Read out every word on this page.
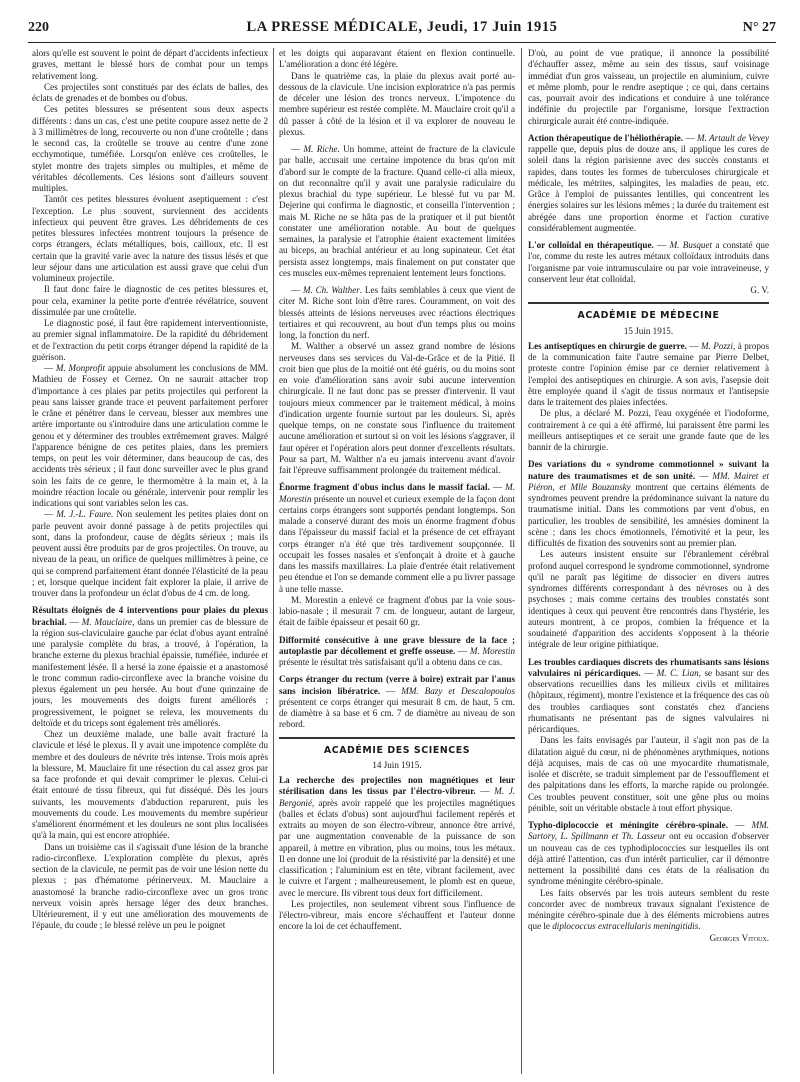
220	LA PRESSE MÉDICALE, Jeudi, 17 Juin 1915	N° 27

alors qu'elle est souvent le point de départ d'accidents infectieux graves, mettant le blessé hors de combat pour un temps relativement long.

Ces projectiles sont constitués par des éclats de balles, des éclats de grenades et de bombes ou d'obus.

Ces petites blessures se présentent sous deux aspects différents : dans un cas, c'est une petite coupure assez nette de 2 à 3 millimètres de long, recouverte ou non d'une croûtelle ; dans le second cas, la croûtelle se trouve au centre d'une zone ecchymotique, tuméfiée. Lorsqu'on enlève ces croûtelles, le stylet montre des trajets simples ou multiples, et même de véritables décollements. Ces lésions sont d'ailleurs souvent multiples.

Tantôt ces petites blessures évoluent aseptiquement : c'est l'exception. Le plus souvent, surviennent des accidents infectieux qui peuvent être graves. Les débridements de ces petites blessures infectées montrent toujours la présence de corps étrangers, éclats métalliques, bois, cailloux, etc. Il est certain que la gravité varie avec la nature des tissus lésés et que leur séjour dans une articulation est aussi grave que celui d'un volumineux projectile.

Il faut donc faire le diagnostic de ces petites blessures et, pour cela, examiner la petite porte d'entrée révélatrice, souvent dissimulée par une croûtelle.

Le diagnostic posé, il faut être rapidement interventionniste, au premier signal inflammatoire. De la rapidité du débridement et de l'extraction du petit corps étranger dépend la rapidité de la guérison.

— M. Monprofit appuie absolument les conclusions de MM. Mathieu de Fossey et Cernez. On ne saurait attacher trop d'importance à ces plaies par petits projectiles qui perforent la peau sans laisser grande trace et peuvent parfaitement perforer le crâne et pénétrer dans le cerveau, blesser aux membres une artère importante ou s'introduire dans une articulation comme le genou et y déterminer des troubles extrêmement graves. Malgré l'apparence bénigne de ces petites plaies, dans les premiers temps, on peut les voir déterminer, dans beaucoup de cas, des accidents très sérieux ; il faut donc surveiller avec le plus grand soin les faits de ce genre, le thermomètre à la main et, à la moindre réaction locale ou générale, intervenir pour remplir les indications qui sont variables selon les cas.

— M. J.-L. Faure. Non seulement les petites plaies dont on parle peuvent avoir donné passage à de petits projectiles qui sont, dans la profondeur, cause de dégâts sérieux ; mais ils peuvent aussi être produits par de gros projectiles. On trouve, au niveau de la peau, un orifice de quelques millimètres à peine, ce qui se comprend parfaitement étant donnée l'élasticité de la peau ; et, lorsque quelque incident fait explorer la plaie, il arrive de trouver dans la profondeur un éclat d'obus de 4 cm. de long.

Résultats éloignés de 4 interventions pour plaies du plexus brachial. — M. Mauclaire, dans un premier cas de blessure de la région sus-claviculaire gauche par éclat d'obus ayant entraîné une paralysie complète du bras, a trouvé, à l'opération, la branche externe du plexus brachial épaissie, tuméfiée, indurée et manifestement lésée. Il a hersé la zone épaissie et a anastomosé le tronc commun radio-circonflexe avec la branche voisine du plexus également un peu hersée. Au bout d'une quinzaine de jours, les mouvements des doigts furent améliorés ; progressivement, le poignet se releva, les mouvements du deltoïde et du triceps sont également très améliorés.

Chez un deuxième malade, une balle avait fracturé la clavicule et lésé le plexus. Il y avait une impotence complète du membre et des douleurs de névrite très intense. Trois mois après la blessure, M. Mauclaire fit une résection du cal assez gros par sa face profonde et qui devait comprimer le plexus. Celui-ci était entouré de tissu fibreux, qui fut disséqué. Dès les jours suivants, les mouvements d'abduction reparurent, puis les mouvements du coude. Les mouvements du membre supérieur s'améliorent énormément et les douleurs ne sont plus localisées qu'à la main, qui est encore atrophiée.

Dans un troisième cas il s'agissait d'une lésion de la branche radio-circonflexe. L'exploration complète du plexus, après section de la clavicule, ne permit pas de voir une lésion nette du plexus ; pas d'hématome périnerveux. M. Mauclaire a anastomosé la branche radio-circonflexe avec un gros tronc nerveux voisin après hersage léger des deux branches. Ultérieurement, il y eut une amélioration des mouvements de l'épaule, du coude ; le blessé relève un peu le poignet

et les doigts qui auparavant étaient en flexion continuelle. L'amélioration a donc été légère.

Dans le quatrième cas, la plaie du plexus avait porté au-dessous de la clavicule. Une incision exploratrice n'a pas permis de déceler une lésion des troncs nerveux. L'impotence du membre supérieur est restée complète. M. Mauclaire croit qu'il a dû passer à côté de la lésion et il va explorer de nouveau le plexus.

— M. Riche. Un homme, atteint de fracture de la clavicule par balle, accusait une certaine impotence du bras qu'on mit d'abord sur le compte de la fracture. Quand celle-ci alla mieux, on dut reconnaître qu'il y avait une paralysie radiculaire du plexus brachial du type supérieur. Le blessé fut vu par M. Dejerine qui confirma le diagnostic, et conseilla l'intervention ; mais M. Riche ne se hâta pas de la pratiquer et il put bientôt constater une amélioration notable. Au bout de quelques semaines, la paralysie et l'atrophie étaient exactement limitées au biceps, au brachial antérieur et au long supinateur. Cet état persista assez longtemps, mais finalement on put constater que ces muscles eux-mêmes reprenaient lentement leurs fonctions.

— M. Ch. Walther. Les faits semblables à ceux que vient de citer M. Riche sont loin d'être rares. Couramment, on voit des blessés atteints de lésions nerveuses avec réactions électriques tertiaires et qui recouvrent, au bout d'un temps plus ou moins long, la fonction du nerf.

M. Walther a observé un assez grand nombre de lésions nerveuses dans ses services du Val-de-Grâce et de la Pitié. Il croit bien que plus de la moitié ont été guéris, ou du moins sont en voie d'amélioration sans avoir subi aucune intervention chirurgicale. Il ne faut donc pas se presser d'intervenir. Il vaut toujours mieux commencer par le traitement médical, à moins d'indication urgente fournie surtout par les douleurs. Si, après quelque temps, on ne constate sous l'influence du traitement aucune amélioration et surtout si on voit les lésions s'aggraver, il faut opérer et l'opération alors peut donner d'excellents résultats. Pour sa part, M. Walther n'a eu jamais intervenu avant d'avoir fait l'épreuve suffisamment prolongée du traitement médical.

Énorme fragment d'obus inclus dans le massif facial. — M. Morestin présente un nouvel et curieux exemple de la façon dont certains corps étrangers sont supportés pendant longtemps. Son malade a conservé durant des mois un énorme fragment d'obus dans l'épaisseur du massif facial et la présence de cet effrayant corps étranger n'a été que très tardivement soupçonnée. Il occupait les fosses nasales et s'enfonçait à droite et à gauche dans les massifs maxillaires. La plaie d'entrée était relativement peu étendue et l'on se demande comment elle a pu livrer passage à une telle masse.

M. Morestin a enlevé ce fragment d'obus par la voie sous-labio-nasale ; il mesurait 7 cm. de longueur, autant de largeur, était de faible épaisseur et pesait 60 gr.

Difformité consécutive à une grave blessure de la face ; autoplastie par décollement et greffe osseuse. — M. Morestin présente le résultat très satisfaisant qu'il a obtenu dans ce cas.

Corps étranger du rectum (verre à boire) extrait par l'anus sans incision libératrice. — MM. Bazy et Descalopoulos présentent ce corps étranger qui mesurait 8 cm. de haut, 5 cm. de diamètre à sa base et 6 cm. 7 de diamètre au niveau de son rebord.

ACADÉMIE DES SCIENCES

14 Juin 1915.

La recherche des projectiles non magnétiques et leur stérilisation dans les tissus par l'électro-vibreur. — M. J. Bergonié, après avoir rappelé que les projectiles magnétiques (balles et éclats d'obus) sont aujourd'hui facilement repérés et extraits au moyen de son électro-vibreur, annonce être arrivé, par une augmentation convenable de la puissance de son appareil, à mettre en vibration, plus ou moins, tous les métaux. Il en donne une loi (produit de la résistivité par la densité) et une classification ; l'aluminium est en tête, vibrant facilement, avec le cuivre et l'argent ; malheureusement, le plomb est en queue, avec le mercure. Ils vibrent tous deux fort difficilement.

Les projectiles, non seulement vibrent sous l'influence de l'électro-vibreur, mais encore s'échauffent et l'auteur donne encore la loi de cet échauffement.

D'où, au point de vue pratique, il annonce la possibilité d'échauffer assez, même au sein des tissus, sauf voisinage immédiat d'un gros vaisseau, un projectile en aluminium, cuivre et même plomb, pour le rendre aseptique ; ce qui, dans certains cas, pourrait avoir des indications et conduire à une tolérance indéfinie du projectile par l'organisme, lorsque l'extraction chirurgicale aurait été contre-indiquée.

Action thérapeutique de l'héliothérapie. — M. Artault de Vevey rappelle que, depuis plus de douze ans, il applique les cures de soleil dans la région parisienne avec des succès constants et rapides, dans toutes les formes de tuberculoses chirurgicale et médicale, les métrites, salpingites, les maladies de peau, etc. Grâce à l'emploi de puissantes lentilles, qui concentrent les énergies solaires sur les lésions mêmes ; la durée du traitement est abrégée dans une proportion énorme et l'action curative considérablement augmentée.

L'or colloïdal en thérapeutique. — M. Busquet a constaté que l'or, comme du reste les autres métaux colloïdaux introduits dans l'organisme par voie intramusculaire ou par voie intraveineuse, y conservent leur état colloïdal.

G. V.

ACADÉMIE DE MÉDECINE

15 Juin 1915.

Les antiseptiques en chirurgie de guerre. — M. Pozzi, à propos de la communication faite l'autre semaine par Pierre Delbet, proteste contre l'opinion émise par ce dernier relativement à l'emploi des antiseptiques en chirurgie. A son avis, l'asepsie doit être employée quand il s'agit de tissus normaux et l'antisepsie dans le traitement des plaies infectées.

De plus, a déclaré M. Pozzi, l'eau oxygénée et l'iodoforme, contrairement à ce qui a été affirmé, lui paraissent être parmi les meilleurs antiseptiques et ce serait une grande faute que de les bannir de la chirurgie.

Des variations du « syndrome commotionnel » suivant la nature des traumatismes et de son unité. — MM. Mairet et Piéron, et Mlle Bouzansky montrent que certains éléments de syndromes peuvent prendre la prédominance suivant la nature du traumatisme initial. Dans les commotions par vent d'obus, en particulier, les troubles de sensibilité, les amnésies dominent la scène ; dans les chocs émotionnels, l'émotivité et la peur, les difficultés de fixation des souvenirs sont au premier plan.

Les auteurs insistent ensuite sur l'ébranlement cérébral profond auquel correspond le syndrome commotionnel, syndrome qu'il ne paraît pas légitime de dissocier en divers autres syndromes différents correspondant à des névroses ou à des psychoses ; mais comme certains des troubles constatés sont identiques à ceux qui peuvent être rencontrés dans l'hystérie, les auteurs montrent, à ce propos, combien la fréquence et la soudaineté d'apparition des accidents s'opposent à la théorie intégrale de leur origine pithiatique.

Les troubles cardiaques discrets des rhumatisants sans lésions valvulaires ni péricardiques. — M. C. Lian, se basant sur des observations recueillies dans les milieux civils et militaires (hôpitaux, régiment), montre l'existence et la fréquence des cas où des troubles cardiaques sont constatés chez d'anciens rhumatisants ne présentant pas de signes valvulaires ni péricardiques.

Dans les faits envisagés par l'auteur, il s'agit non pas de la dilatation aiguë du cœur, ni de phénomènes arythmiques, notions déjà acquises, mais de cas où une myocardite rhumatismale, isolée et discrète, se traduit simplement par de l'essoufflement et des palpitations dans les efforts, la marche rapide ou prolongée. Ces troubles peuvent constituer, soit une gêne plus ou moins pénible, soit un véritable obstacle à tout effort physique.

Typho-diplococcie et méningite cérébro-spinale. — MM. Sartory, L. Spillmann et Th. Lasseur ont eu occasion d'observer un nouveau cas de ces typhodiplococcies sur lesquelles ils ont déjà attiré l'attention, cas d'un intérêt particulier, car il démontre nettement la possibilité dans ces états de la réalisation du syndrome méningite cérébro-spinale.

Les faits observés par les trois auteurs semblent du reste concorder avec de nombreux travaux signalant l'existence de méningite cérébro-spinale due à des éléments microbiens autres que le diplococcus extracellularis meningitidis.

Georges Vitoux.
